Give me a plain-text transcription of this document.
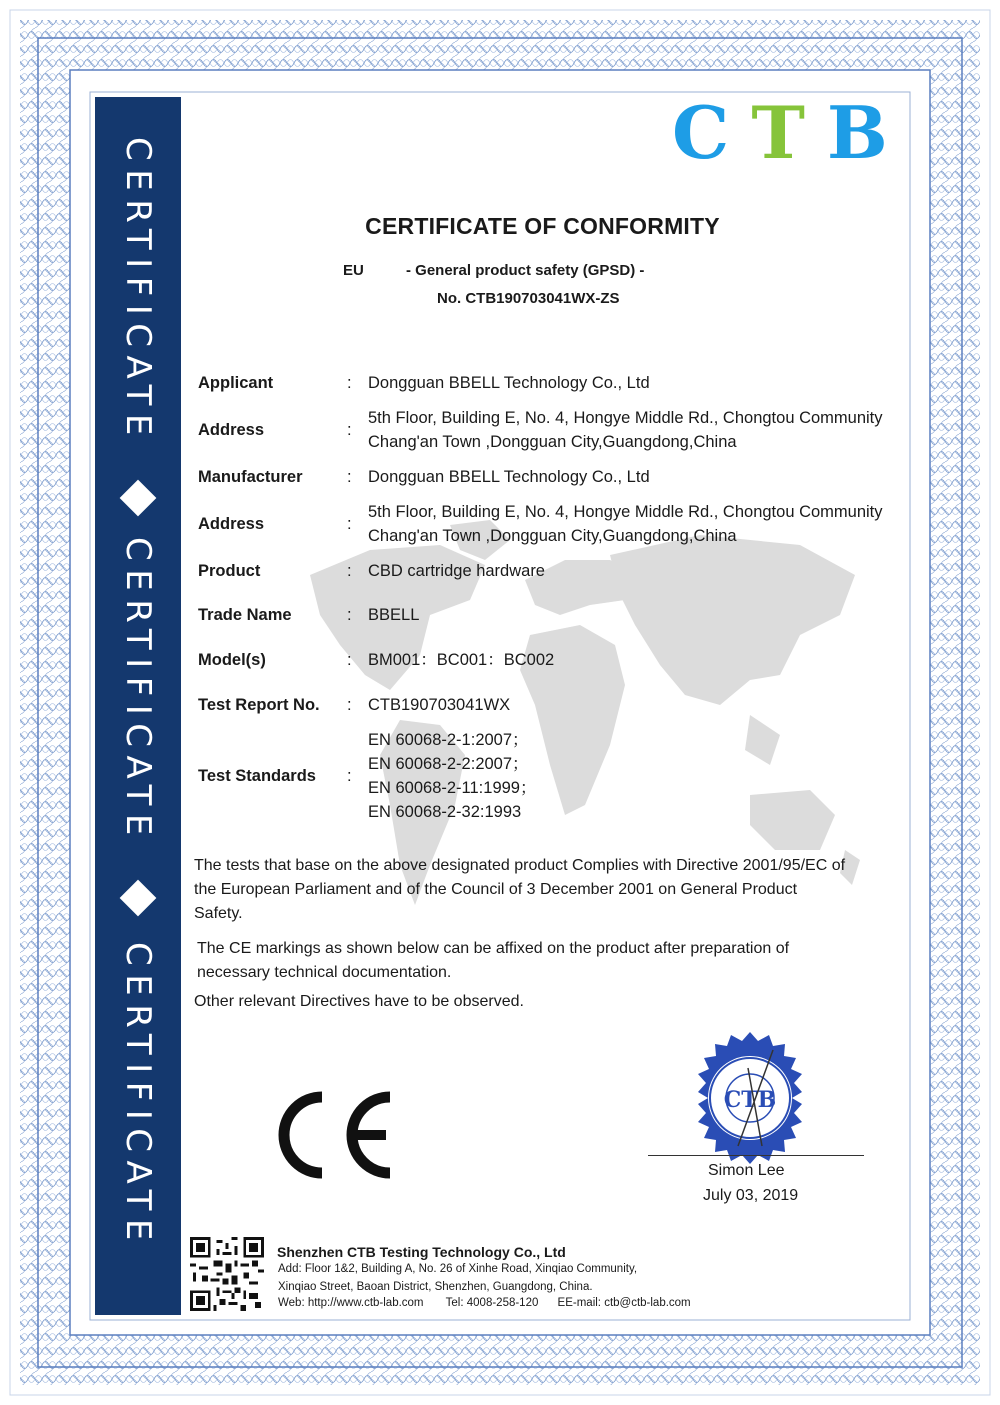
CERTIFICATE
CERTIFICATE
CERTIFICATE
C T B
CERTIFICATE OF CONFORMITY
EU	- General product safety (GPSD) -
No. CTB190703041WX-ZS
Applicant	: Dongguan BBELL Technology Co., Ltd
Address	:
5th Floor, Building E, No. 4, Hongye Middle Rd., Chongtou Community
Chang'an Town ,Dongguan City,Guangdong,China
Manufacturer	: Dongguan BBELL Technology Co., Ltd
Address	:
5th Floor, Building E, No. 4, Hongye Middle Rd., Chongtou Community
Chang'an Town ,Dongguan City,Guangdong,China
Product	: CBD cartridge hardware
Trade Name	: BBELL
Model(s)	: BM001：BC001：BC002
Test Report No. : CTB190703041WX
Test Standards :
EN 60068-2-1:2007；
EN 60068-2-2:2007；
EN 60068-2-11:1999；
EN 60068-2-32:1993
The tests that base on the above designated product Complies with Directive 2001/95/EC of
the European Parliament and of the Council of 3 December 2001 on General Product
Safety.
The CE markings as shown below can be affixed on the product after preparation of
necessary technical documentation.
Other relevant Directives have to be observed.
CTB
Simon Lee
July 03, 2019
Shenzhen CTB Testing Technology Co., Ltd
Add: Floor 1&2, Building A, No. 26 of Xinhe Road, Xinqiao Community,
Xinqiao Street, Baoan District, Shenzhen, Guangdong, China.
Web: http://www.ctb-lab.com       Tel: 4008-258-120      EE-mail: ctb@ctb-lab.com
